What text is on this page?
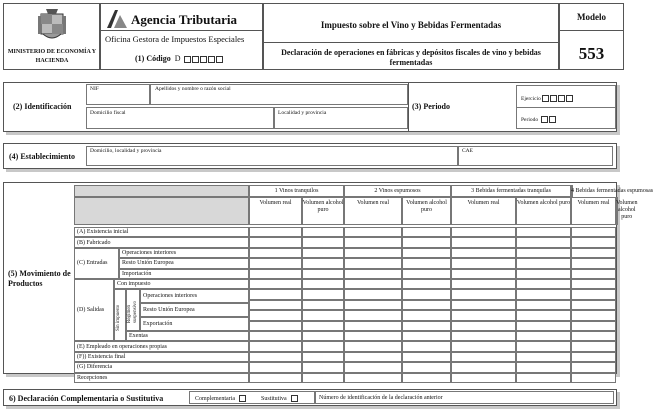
MINISTERIO DE ECONOMÍA Y HACIENDA
Agencia Tributaria
Oficina Gestora de Impuestos Especiales
(1) Código D
Impuesto sobre el Vino y Bebidas Fermentadas
Declaración de operaciones en fábricas y depósitos fiscales de vino y bebidas fermentadas
Modelo
553
(2) Identificación
NIF	Apellidos y nombre o razón social
Domicilio fiscal	Localidad y provincia
(3) Periodo
Ejercicio
Periodo
(4) Establecimiento
Domicilio, localidad y provincia	CAE
(5) Movimiento de Productos
1 Vinos tranquilos
Volumen real	Volumen alcohol puro
2 Vinos espumosos
Volumen real	Volumen alcohol puro
3 Bebidas fermentadas tranquilas
Volumen real	Volumen alcohol puro
4 Bebidas fermentadas espumosas
Volumen real	Volumen alcohol puro
(A) Existencia inicial
(B) Fabricado
(C) Entradas
Operaciones interiores
Resto Unión Europea
Importación
(D) Salidas
Con impuesto
Sin impuesto Régimen suspensivo
Operaciones interiores
Resto Unión Europea
Exportación
Exentas
(E) Empleado en operaciones propias
(F)) Existencia final
(G) Diferencia
Recepciones
6) Declaración Complementaria o Sustitutiva	Complementaria	Sustitutiva	Número de identificación de la declaración anterior
